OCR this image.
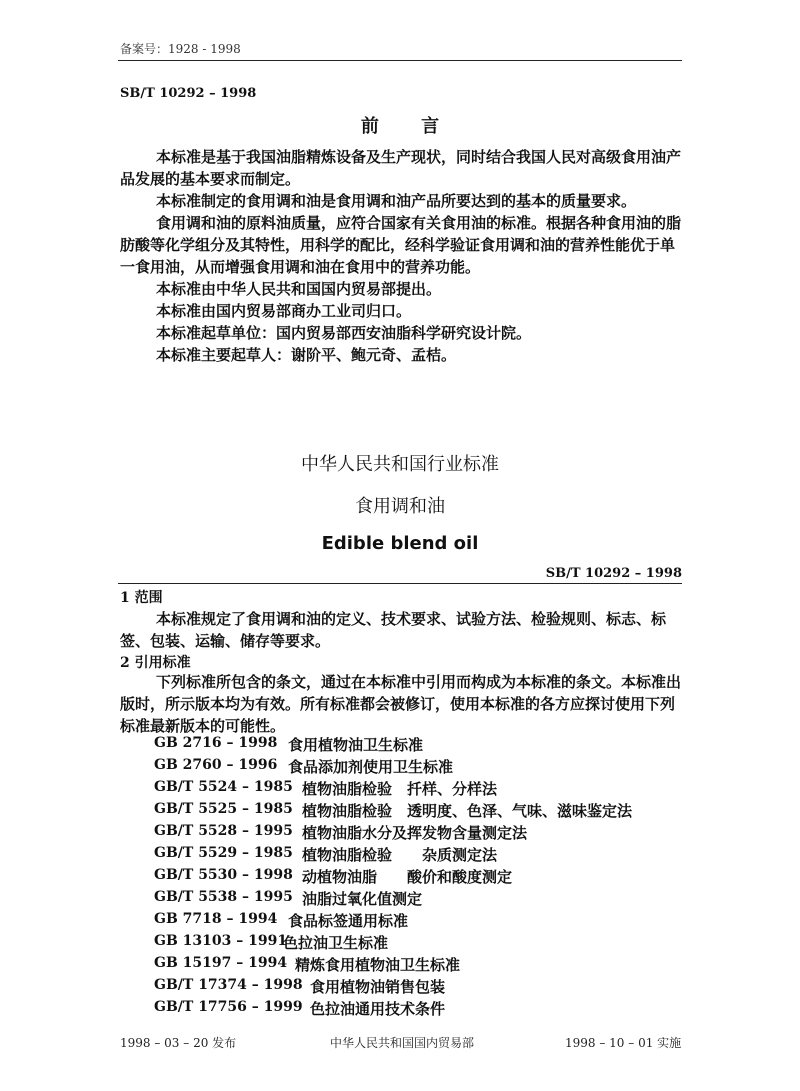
备案号：1928 - 1998
SB/T 10292 – 1998
前 言
本标准是基于我国油脂精炼设备及生产现状，同时结合我国人民对高级食用油产品发展的基本要求而制定。
本标准制定的食用调和油是食用调和油产品所要达到的基本的质量要求。
食用调和油的原料油质量，应符合国家有关食用油的标准。根据各种食用油的脂肪酸等化学组分及其特性，用科学的配比，经科学验证食用调和油的营养性能优于单一食用油，从而增强食用调和油在食用中的营养功能。
本标准由中华人民共和国国内贸易部提出。
本标准由国内贸易部商办工业司归口。
本标准起草单位：国内贸易部西安油脂科学研究设计院。
本标准主要起草人：谢阶平、鲍元奇、孟桔。
中华人民共和国行业标准
食用调和油
Edible blend oil
SB/T 10292 – 1998
1 范围
本标准规定了食用调和油的定义、技术要求、试验方法、检验规则、标志、标签、包装、运输、储存等要求。
2 引用标准
下列标准所包含的条文，通过在本标准中引用而构成为本标准的条文。本标准出版时，所示版本均为有效。所有标准都会被修订，使用本标准的各方应探讨使用下列标准最新版本的可能性。
GB 2716 – 1998 食用植物油卫生标准
GB 2760 – 1996 食品添加剂使用卫生标准
GB/T 5524 – 1985 植物油脂检验　扦样、分样法
GB/T 5525 – 1985 植物油脂检验　透明度、色泽、气味、滋味鉴定法
GB/T 5528 – 1995 植物油脂水分及挥发物含量测定法
GB/T 5529 – 1985 植物油脂检验　　杂质测定法
GB/T 5530 – 1998 动植物油脂　　酸价和酸度测定
GB/T 5538 – 1995 油脂过氧化值测定
GB 7718 – 1994 食品标签通用标准
GB 13103 – 1991
色拉油卫生标准
GB 15197 – 1994 精炼食用植物油卫生标准
GB/T 17374 – 1998 食用植物油销售包装
GB/T 17756 – 1999 色拉油通用技术条件
1998 – 03 – 20 发布	中华人民共和国国内贸易部	1998 – 10 – 01 实施
